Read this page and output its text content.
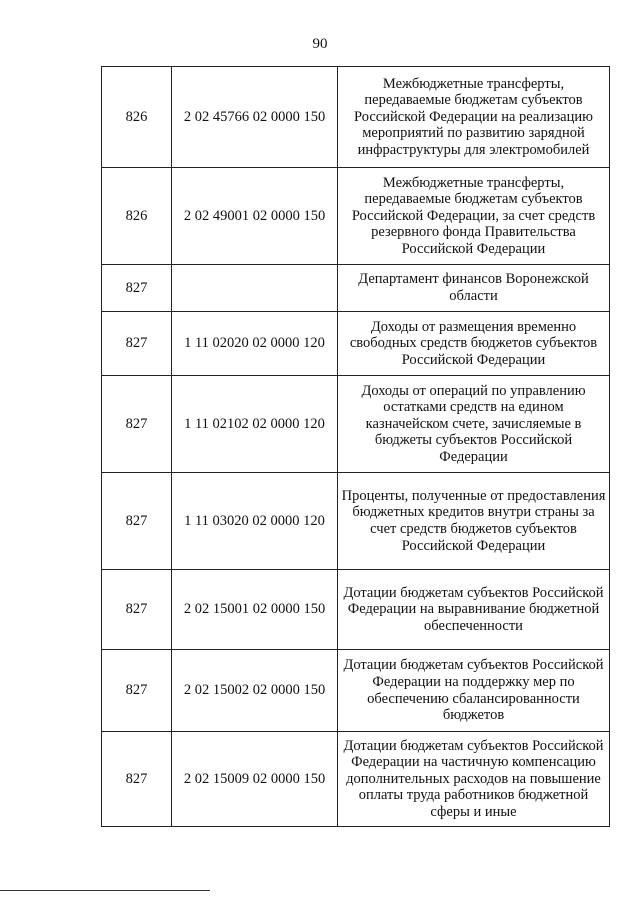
90
826	2 02 45766 02 0000 150	Межбюджетные трансферты, передаваемые бюджетам субъектов Российской Федерации на реализацию мероприятий по развитию зарядной инфраструктуры для электромобилей
826	2 02 49001 02 0000 150	Межбюджетные трансферты, передаваемые бюджетам субъектов Российской Федерации, за счет средств резервного фонда Правительства Российской Федерации
827		Департамент финансов Воронежской области
827	1 11 02020 02 0000 120	Доходы от размещения временно свободных средств бюджетов субъектов Российской Федерации
827	1 11 02102 02 0000 120	Доходы от операций по управлению остатками средств на едином казначейском счете, зачисляемые в бюджеты субъектов Российской Федерации
827	1 11 03020 02 0000 120	Проценты, полученные от предоставления бюджетных кредитов внутри страны за счет средств бюджетов субъектов Российской Федерации
827	2 02 15001 02 0000 150	Дотации бюджетам субъектов Российской Федерации на выравнивание бюджетной обеспеченности
827	2 02 15002 02 0000 150	Дотации бюджетам субъектов Российской Федерации на поддержку мер по обеспечению сбалансированности бюджетов
827	2 02 15009 02 0000 150	Дотации бюджетам субъектов Российской Федерации на частичную компенсацию дополнительных расходов на повышение оплаты труда работников бюджетной сферы и иные
